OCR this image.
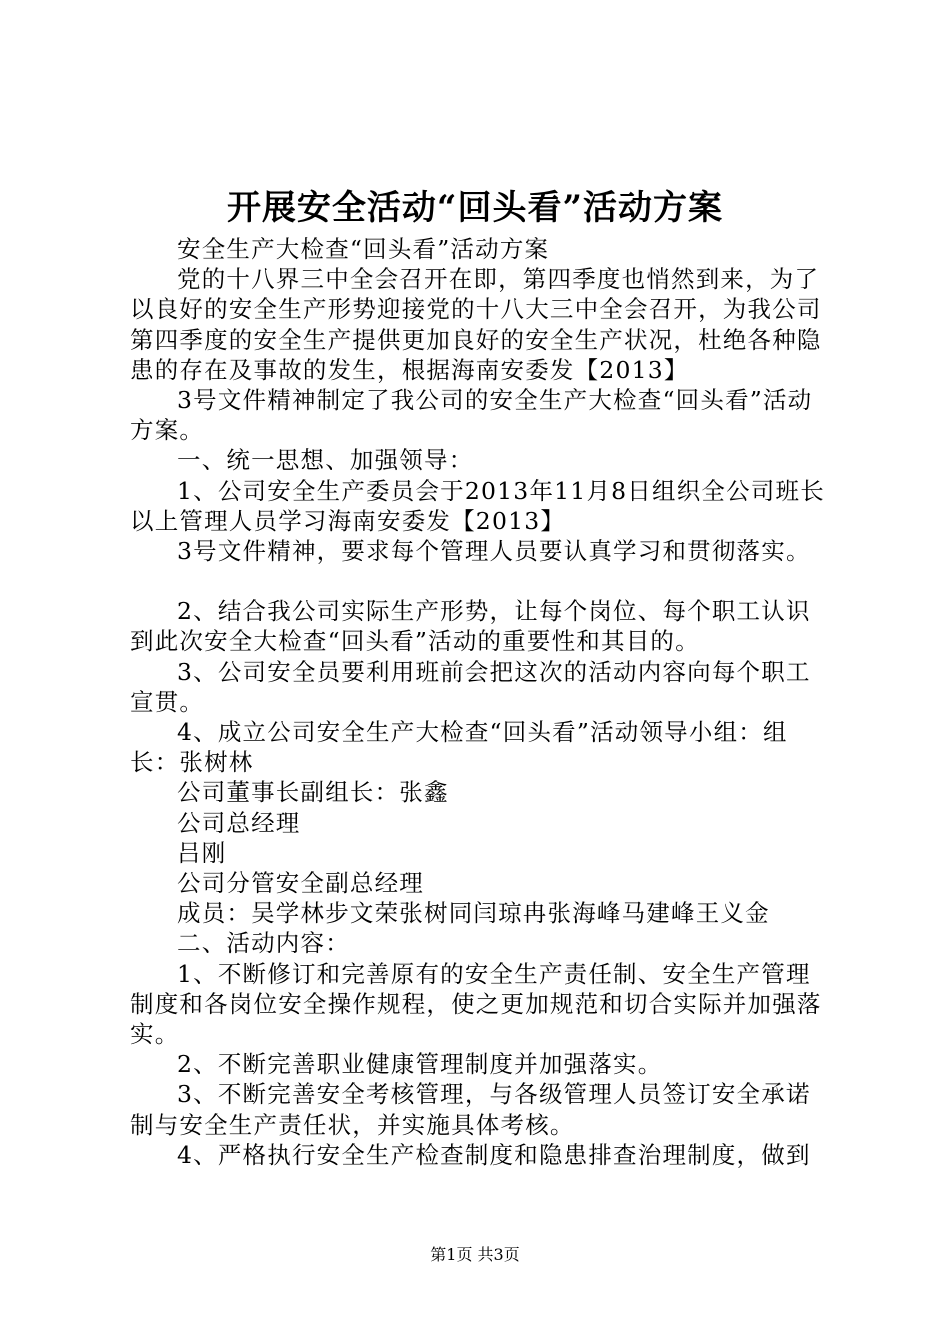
开展安全活动“回头看”活动方案

安全生产大检查“回头看”活动方案

党的十八界三中全会召开在即，第四季度也悄然到来，为了以良好的安全生产形势迎接党的十八大三中全会召开，为我公司第四季度的安全生产提供更加良好的安全生产状况，杜绝各种隐患的存在及事故的发生，根据海南安委发【2013】

3号文件精神制定了我公司的安全生产大检查“回头看”活动方案。

一、统一思想、加强领导：

1、公司安全生产委员会于2013年11月8日组织全公司班长以上管理人员学习海南安委发【2013】

3号文件精神，要求每个管理人员要认真学习和贯彻落实。

2、结合我公司实际生产形势，让每个岗位、每个职工认识到此次安全大检查“回头看”活动的重要性和其目的。

3、公司安全员要利用班前会把这次的活动内容向每个职工宣贯。

4、成立公司安全生产大检查“回头看”活动领导小组：组长：张树林

公司董事长副组长：张鑫

公司总经理

吕刚

公司分管安全副总经理

成员：吴学林步文荣张树同闫琼冉张海峰马建峰王义金

二、活动内容：

1、不断修订和完善原有的安全生产责任制、安全生产管理制度和各岗位安全操作规程，使之更加规范和切合实际并加强落实。

2、不断完善职业健康管理制度并加强落实。

3、不断完善安全考核管理，与各级管理人员签订安全承诺制与安全生产责任状，并实施具体考核。

4、严格执行安全生产检查制度和隐患排查治理制度，做到

第1页 共3页
